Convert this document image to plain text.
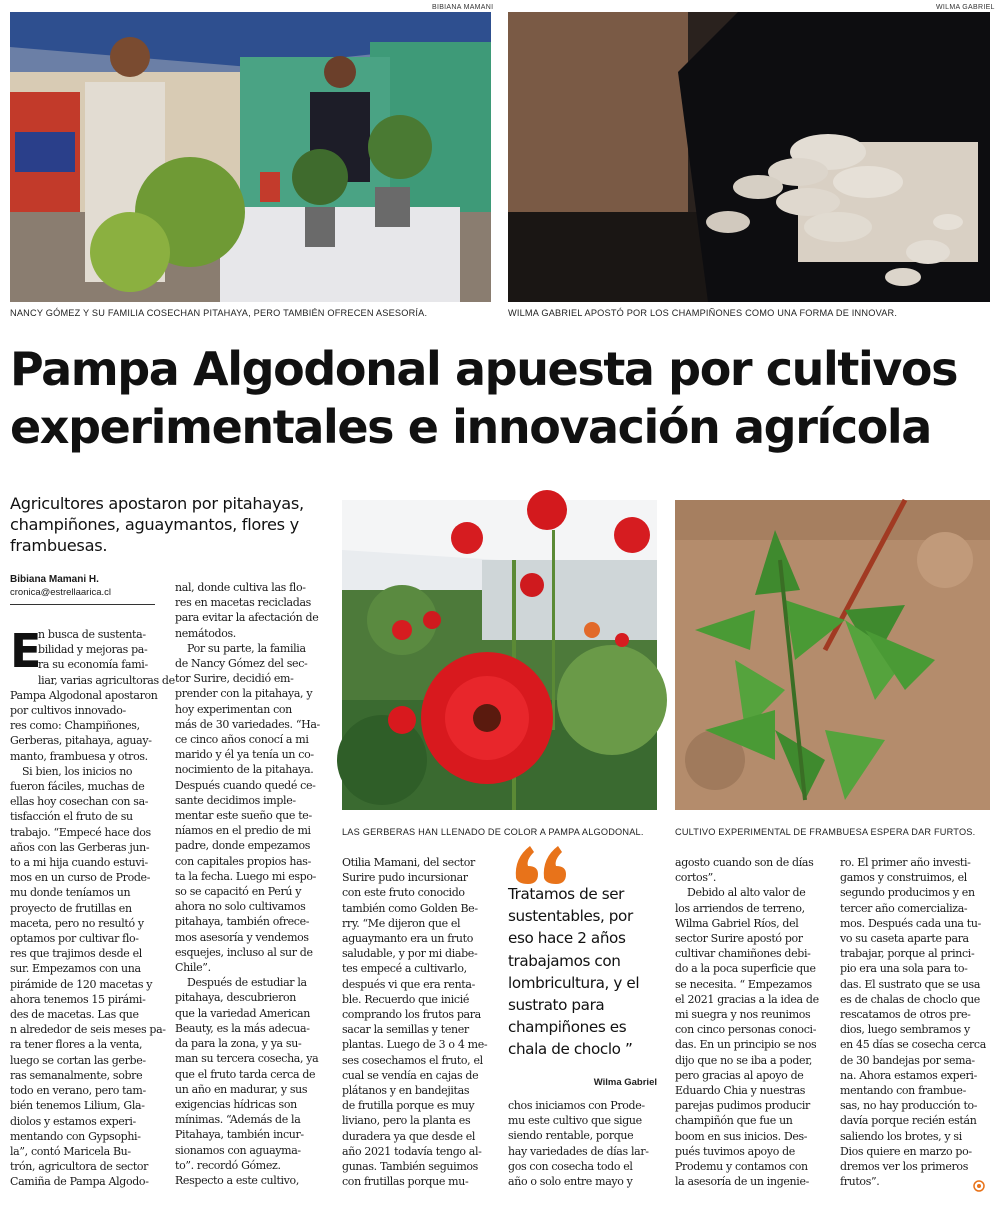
BIBIANA MAMANI
NANCY GÓMEZ Y SU FAMILIA COSECHAN PITAHAYA, PERO TAMBIÉN OFRECEN ASESORÍA.
WILMA GABRIEL
WILMA GABRIEL APOSTÓ POR LOS CHAMPIÑONES COMO UNA FORMA DE INNOVAR.
Pampa Algodonal apuesta por cultivos
experimentales e innovación agrícola
Agricultores apostaron por pitahayas,
champiñones, aguaymantos, flores y
frambuesas.
Bibiana Mamani H.
cronica@estrellaarica.cl
E
n busca de sustenta-
bilidad y mejoras pa-
ra su economía fami-
liar, varias agricultoras de
Pampa Algodonal apostaron
por cultivos innovado-
res como: Champiñones,
Gerberas, pitahaya, aguay-
manto, frambuesa y otros.
Si bien, los inicios no
fueron fáciles, muchas de
ellas hoy cosechan con sa-
tisfacción el fruto de su
trabajo. “Empecé hace dos
años con las Gerberas jun-
to a mi hija cuando estuvi-
mos en un curso de Prode-
mu donde teníamos un
proyecto de frutillas en
maceta, pero no resultó y
optamos por cultivar flo-
res que trajimos desde el
sur. Empezamos con una
pirámide de 120 macetas y
ahora tenemos 15 pirámi-
des de macetas. Las que
n alrededor de seis meses pa-
ra tener flores a la venta,
luego se cortan las gerbe-
ras semanalmente, sobre
todo en verano, pero tam-
bién tenemos Lilium, Gla-
diolos y estamos experi-
mentando con Gypsophi-
la”, contó Maricela Bu-
trón, agricultora de sector
Camiña de Pampa Algodo-
nal, donde cultiva las flo-
res en macetas recicladas
para evitar la afectación de
nemátodos.
Por su parte, la familia
de Nancy Gómez del sec-
tor Surire, decidió em-
prender con la pitahaya, y
hoy experimentan con
más de 30 variedades. “Ha-
ce cinco años conocí a mi
marido y él ya tenía un co-
nocimiento de la pitahaya.
Después cuando quedé ce-
sante decidimos imple-
mentar este sueño que te-
níamos en el predio de mi
padre, donde empezamos
con capitales propios has-
ta la fecha. Luego mi espo-
so se capacitó en Perú y
ahora no solo cultivamos
pitahaya, también ofrece-
mos asesoría y vendemos
esquejes, incluso al sur de
Chile”.
Después de estudiar la
pitahaya, descubrieron
que la variedad American
Beauty, es la más adecua-
da para la zona, y ya su-
man su tercera cosecha, ya
que el fruto tarda cerca de
un año en madurar, y sus
exigencias hídricas son
mínimas. “Además de la
Pitahaya, también incur-
sionamos con aguayma-
to”. recordó Gómez.
Respecto a este cultivo,
LAS GERBERAS HAN LLENADO DE COLOR A PAMPA ALGODONAL.	CULTIVO EXPERIMENTAL DE FRAMBUESA ESPERA DAR FURTOS.
Otilia Mamani, del sector
Surire pudo incursionar
con este fruto conocido
también como Golden Be-
rry. “Me dijeron que el
aguaymanto era un fruto
saludable, y por mi diabe-
tes empecé a cultivarlo,
después vi que era renta-
ble. Recuerdo que inicié
comprando los frutos para
sacar la semillas y tener
plantas. Luego de 3 o 4 me-
ses cosechamos el fruto, el
cual se vendía en cajas de
plátanos y en bandejitas
de frutilla porque es muy
liviano, pero la planta es
duradera ya que desde el
año 2021 todavía tengo al-
gunas. También seguimos
con frutillas porque mu-
Tratamos de ser
sustentables, por
eso hace 2 años
trabajamos con
lombricultura, y el
sustrato para
champiñones es
chala de choclo ”
Wilma Gabriel
chos iniciamos con Prode-
mu este cultivo que sigue
siendo rentable, porque
hay variedades de días lar-
gos con cosecha todo el
año o solo entre mayo y
agosto cuando son de días
cortos”.
Debido al alto valor de
los arriendos de terreno,
Wilma Gabriel Ríos, del
sector Surire apostó por
cultivar chamiñones debi-
do a la poca superficie que
se necesita. “ Empezamos
el 2021 gracias a la idea de
mi suegra y nos reunimos
con cinco personas conoci-
das. En un principio se nos
dijo que no se iba a poder,
pero gracias al apoyo de
Eduardo Chia y nuestras
parejas pudimos producir
champiñón que fue un
boom en sus inicios. Des-
pués tuvimos apoyo de
Prodemu y contamos con
la asesoría de un ingenie-
ro. El primer año investi-
gamos y construimos, el
segundo producimos y en
tercer año comercializa-
mos. Después cada una tu-
vo su caseta aparte para
trabajar, porque al princi-
pio era una sola para to-
das. El sustrato que se usa
es de chalas de choclo que
rescatamos de otros pre-
dios, luego sembramos y
en 45 días se cosecha cerca
de 30 bandejas por sema-
na. Ahora estamos experi-
mentando con frambue-
sas, no hay producción to-
davía porque recién están
saliendo los brotes, y si
Dios quiere en marzo po-
dremos ver los primeros
frutos”.
